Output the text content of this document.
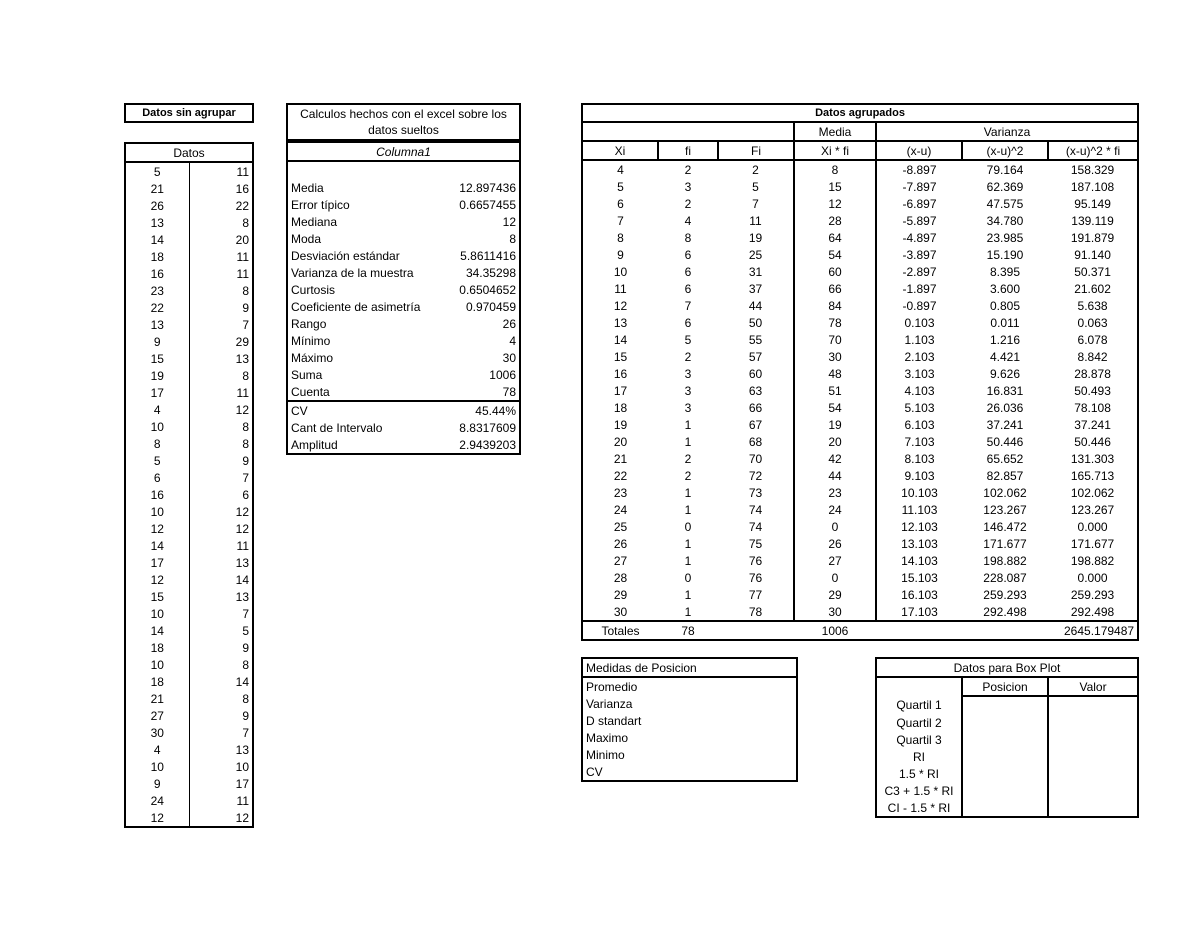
Datos sin agrupar
Datos	
5	11
21	16
26	22
13	8
14	20
18	11
16	11
23	8
22	9
13	7
9	29
15	13
19	8
17	11
4	12
10	8
8	8
5	9
6	7
16	6
10	12
12	12
14	11
17	13
12	14
15	13
10	7
14	5
18	9
10	8
18	14
21	8
27	9
30	7
4	13
10	10
9	17
24	11
12	12
Calculos hechos con el excel sobre los datos sueltos
Columna1
Media	12.897436
Error típico	0.6657455
Mediana	12
Moda	8
Desviación estándar	5.8611416
Varianza de la muestra	34.35298
Curtosis	0.6504652
Coeficiente de asimetría	0.970459
Rango	26
Mínimo	4
Máximo	30
Suma	1006
Cuenta	78
CV	45.44%
Cant de Intervalo	8.8317609
Amplitud	2.9439203
Datos agrupados						
			Media	Varianza		
Xi	fi	Fi	Xi * fi	(x-u)	(x-u)^2	(x-u)^2 * fi
4	2	2	8	-8.897	79.164	158.329
5	3	5	15	-7.897	62.369	187.108
6	2	7	12	-6.897	47.575	95.149
7	4	11	28	-5.897	34.780	139.119
8	8	19	64	-4.897	23.985	191.879
9	6	25	54	-3.897	15.190	91.140
10	6	31	60	-2.897	8.395	50.371
11	6	37	66	-1.897	3.600	21.602
12	7	44	84	-0.897	0.805	5.638
13	6	50	78	0.103	0.011	0.063
14	5	55	70	1.103	1.216	6.078
15	2	57	30	2.103	4.421	8.842
16	3	60	48	3.103	9.626	28.878
17	3	63	51	4.103	16.831	50.493
18	3	66	54	5.103	26.036	78.108
19	1	67	19	6.103	37.241	37.241
20	1	68	20	7.103	50.446	50.446
21	2	70	42	8.103	65.652	131.303
22	2	72	44	9.103	82.857	165.713
23	1	73	23	10.103	102.062	102.062
24	1	74	24	11.103	123.267	123.267
25	0	74	0	12.103	146.472	0.000
26	1	75	26	13.103	171.677	171.677
27	1	76	27	14.103	198.882	198.882
28	0	76	0	15.103	228.087	0.000
29	1	77	29	16.103	259.293	259.293
30	1	78	30	17.103	292.498	292.498
Totales	78		1006			2645.179487
Medidas de Posicion
Promedio
Varianza
D standart
Maximo
Minimo
CV
Datos para Box Plot		
	Posicion	Valor
Quartil 1		
Quartil 2		
Quartil 3		
RI		
1.5 * RI		
C3 + 1.5 * RI		
CI - 1.5 * RI		
